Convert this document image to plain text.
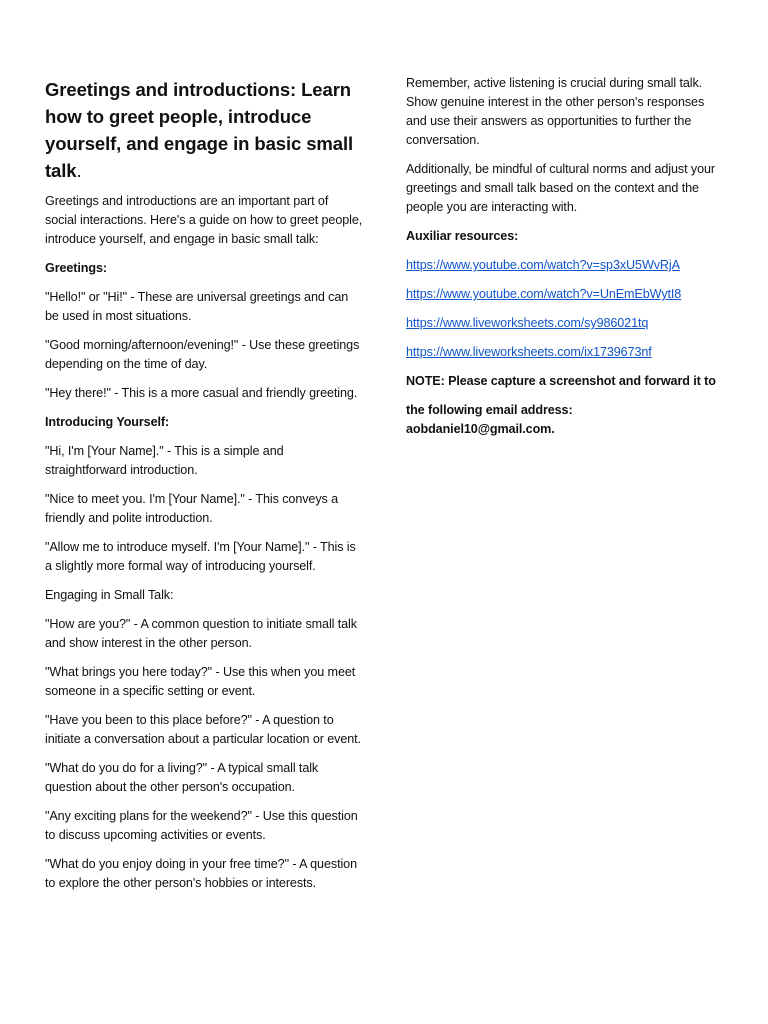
Greetings and introductions: Learn how to greet people, introduce yourself, and engage in basic small talk.

Greetings and introductions are an important part of social interactions. Here's a guide on how to greet people, introduce yourself, and engage in basic small talk:

Greetings:

"Hello!" or "Hi!" - These are universal greetings and can be used in most situations.

"Good morning/afternoon/evening!" - Use these greetings depending on the time of day.

"Hey there!" - This is a more casual and friendly greeting.

Introducing Yourself:

"Hi, I'm [Your Name]." - This is a simple and straightforward introduction.

"Nice to meet you. I'm [Your Name]." - This conveys a friendly and polite introduction.

"Allow me to introduce myself. I'm [Your Name]." - This is a slightly more formal way of introducing yourself.

Engaging in Small Talk:

"How are you?" - A common question to initiate small talk and show interest in the other person.

"What brings you here today?" - Use this when you meet someone in a specific setting or event.

"Have you been to this place before?" - A question to initiate a conversation about a particular location or event.

"What do you do for a living?" - A typical small talk question about the other person's occupation.

"Any exciting plans for the weekend?" - Use this question to discuss upcoming activities or events.

"What do you enjoy doing in your free time?" - A question to explore the other person's hobbies or interests.

Remember, active listening is crucial during small talk. Show genuine interest in the other person's responses and use their answers as opportunities to further the conversation.

Additionally, be mindful of cultural norms and adjust your greetings and small talk based on the context and the people you are interacting with.

Auxiliar resources:

https://www.youtube.com/watch?v=sp3xU5WvRjA

https://www.youtube.com/watch?v=UnEmEbWytI8

https://www.liveworksheets.com/sy986021tq

https://www.liveworksheets.com/ix1739673nf

NOTE: Please capture a screenshot and forward it to

the following email address: aobdaniel10@gmail.com.
